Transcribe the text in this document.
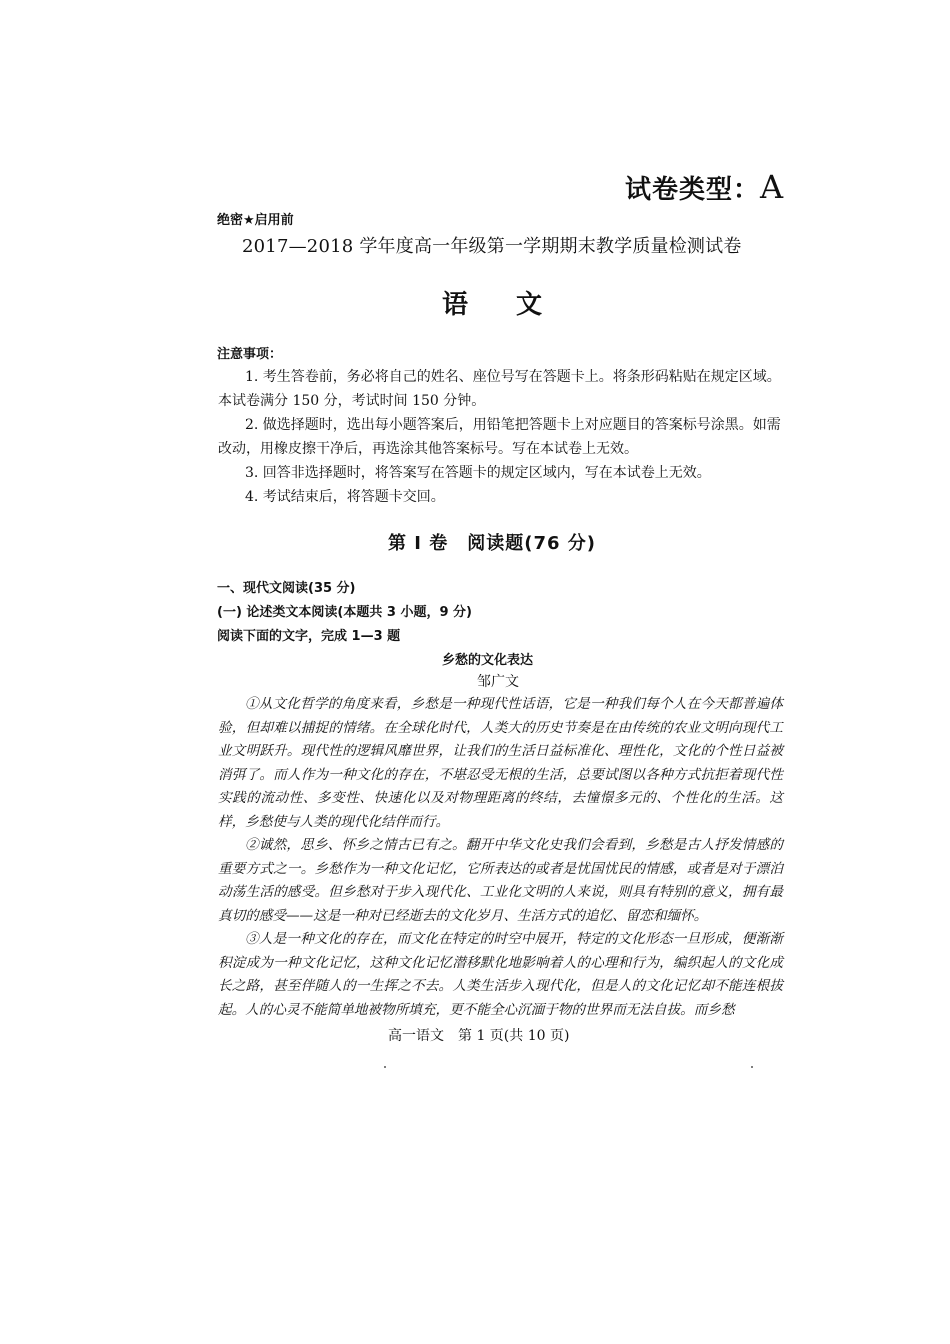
试卷类型：A
绝密★启用前
2017—2018 学年度高一年级第一学期期末教学质量检测试卷
语文
注意事项：
1. 考生答卷前，务必将自己的姓名、座位号写在答题卡上。将条形码粘贴在规定区域。
本试卷满分 150 分，考试时间 150 分钟。
2. 做选择题时，选出每小题答案后，用铅笔把答题卡上对应题目的答案标号涂黑。如需
改动，用橡皮擦干净后，再选涂其他答案标号。写在本试卷上无效。
3. 回答非选择题时，将答案写在答题卡的规定区域内，写在本试卷上无效。
4. 考试结束后，将答题卡交回。
第 I 卷　阅读题(76 分)
一、现代文阅读(35 分)
(一) 论述类文本阅读(本题共 3 小题，9 分)
阅读下面的文字，完成 1—3 题
乡愁的文化表达
邹广文
①从文化哲学的角度来看，乡愁是一种现代性话语，它是一种我们每个人在今天都普遍体验，但却难以捕捉的情绪。在全球化时代，人类大的历史节奏是在由传统的农业文明向现代工业文明跃升。现代性的逻辑风靡世界，让我们的生活日益标准化、理性化，文化的个性日益被消弭了。而人作为一种文化的存在，不堪忍受无根的生活，总要试图以各种方式抗拒着现代性实践的流动性、多变性、快速化以及对物理距离的终结，去憧憬多元的、个性化的生活。这样，乡愁使与人类的现代化结伴而行。
②诚然，思乡、怀乡之情古已有之。翻开中华文化史我们会看到，乡愁是古人抒发情感的重要方式之一。乡愁作为一种文化记忆，它所表达的或者是忧国忧民的情感，或者是对于漂泊动荡生活的感受。但乡愁对于步入现代化、工业化文明的人来说，则具有特别的意义，拥有最真切的感受——这是一种对已经逝去的文化岁月、生活方式的追忆、留恋和缅怀。
③人是一种文化的存在，而文化在特定的时空中展开，特定的文化形态一旦形成，便渐渐积淀成为一种文化记忆，这种文化记忆潜移默化地影响着人的心理和行为，编织起人的文化成长之路，甚至伴随人的一生挥之不去。人类生活步入现代化，但是人的文化记忆却不能连根拔起。人的心灵不能简单地被物所填充，更不能全心沉湎于物的世界而无法自拔。而乡愁
高一语文　第 1 页(共 10 页)
